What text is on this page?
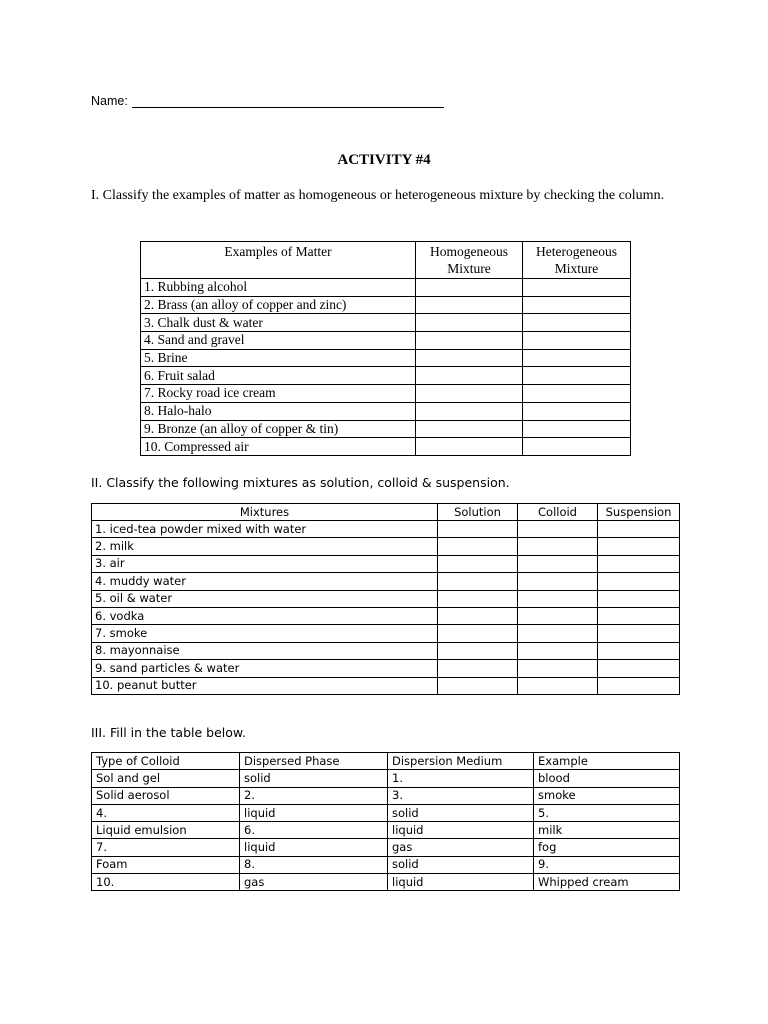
Name:
ACTIVITY #4
I. Classify the examples of matter as homogeneous or heterogeneous mixture by checking the column.
Examples of Matter	Homogeneous Mixture	Heterogeneous Mixture
1. Rubbing alcohol		
2. Brass (an alloy of copper and zinc)		
3. Chalk dust & water		
4. Sand and gravel		
5. Brine		
6. Fruit salad		
7. Rocky road ice cream		
8. Halo-halo		
9. Bronze (an alloy of copper & tin)		
10. Compressed air		
II. Classify the following mixtures as solution, colloid & suspension.
Mixtures	Solution	Colloid	Suspension
1. iced-tea powder mixed with water			
2. milk			
3. air			
4. muddy water			
5. oil & water			
6. vodka			
7. smoke			
8. mayonnaise			
9. sand particles & water			
10. peanut butter			
III. Fill in the table below.
Type of Colloid	Dispersed Phase	Dispersion Medium	Example
Sol and gel	solid	1.	blood
Solid aerosol	2.	3.	smoke
4.	liquid	solid	5.
Liquid emulsion	6.	liquid	milk
7.	liquid	gas	fog
Foam	8.	solid	9.
10.	gas	liquid	Whipped cream
